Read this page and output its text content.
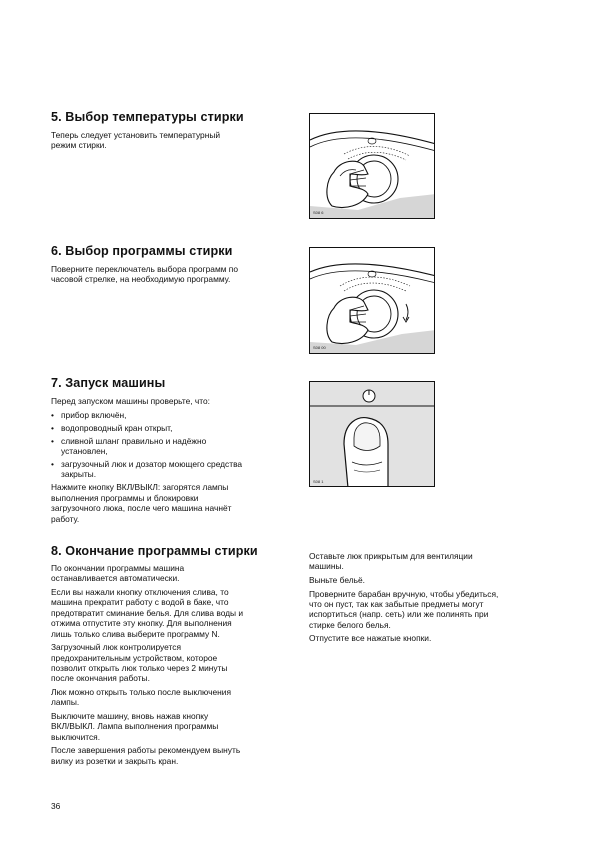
5. Выбор температуры стирки

Теперь следует установить температурный
режим стирки.

S08 6
6. Выбор программы стирки

Поверните переключатель выбора программ по
часовой стрелке, на необходимую программу.

S08 00
7. Запуск машины

Перед запуском машины проверьте, что:

• прибор включён,
• водопроводный кран открыт,
• сливной шланг правильно и надёжно
установлен,
• загрузочный люк и дозатор моющего средства
закрыты.

Нажмите кнопку ВКЛ/ВЫКЛ: загорятся лампы
выполнения программы и блокировки
загрузочного люка, после чего машина начнёт
работу.

I
S08 1
8. Окончание программы стирки

По окончании программы машина
останавливается автоматически.

Если вы нажали кнопку отключения слива, то
машина прекратит работу с водой в баке, что
предотвратит сминание белья. Для слива воды и
отжима отпустите эту кнопку. Для выполнения
лишь только слива выберите программу N.

Загрузочный люк контролируется
предохранительным устройством, которое
позволит открыть люк только через 2 минуты
после окончания работы.

Люк можно открыть только после выключения
лампы.

Выключите машину, вновь нажав кнопку
ВКЛ/ВЫКЛ. Лампа выполнения программы
выключится.

После завершения работы рекомендуем вынуть
вилку из розетки и закрыть кран.

Оставьте люк прикрытым для вентиляции
машины.

Выньте бельё.

Проверните барабан вручную, чтобы убедиться,
что он пуст, так как забытые предметы могут
испортиться (напр. сеть) или же полинять при
стирке белого белья.

Отпустите все нажатые кнопки.

36
